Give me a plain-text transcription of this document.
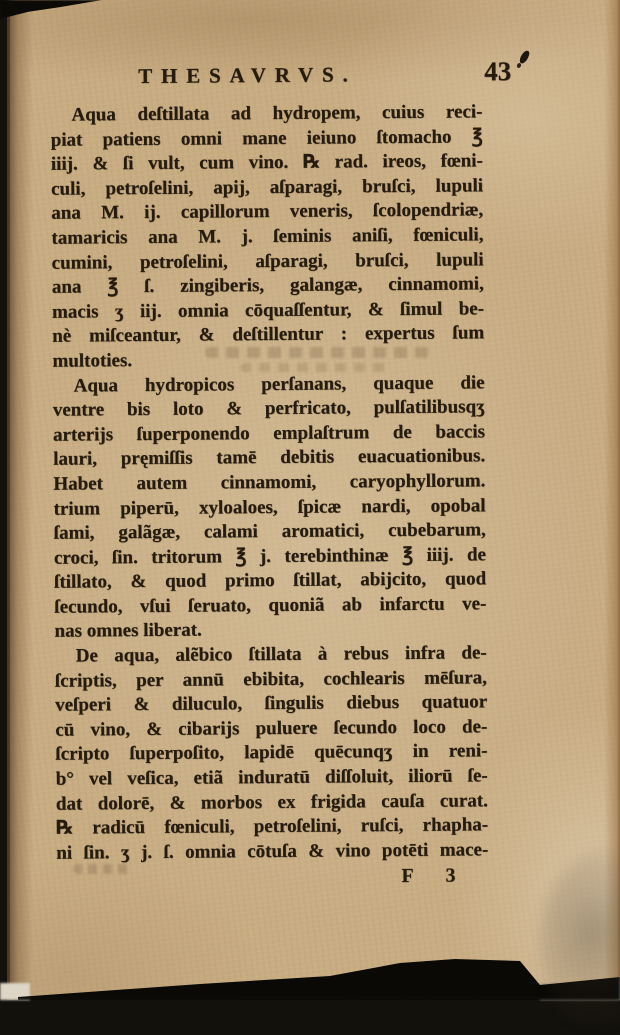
THESAVRVS.	43

Aqua deſtillata ad hydropem, cuius reci-
piat patiens omni mane ieiuno ſtomacho ℥
iiij. & ſi vult, cum vino. ℞ rad. ireos, fœni-
culi, petroſelini, apij, aſparagi, bruſci, lupuli
ana M. ij. capillorum veneris, ſcolopendriæ,
tamaricis ana M. j. ſeminis aniſi, fœniculi,
cumini, petroſelini, aſparagi, bruſci, lupuli
ana ℥ ſ. zingiberis, galangæ, cinnamomi,
macis ʒ iij. omnia cōquaſſentur, & ſimul be-
nè miſceantur, & deſtillentur : expertus ſum
multoties.

Aqua hydropicos perſanans, quaque die
ventre bis loto & perfricato, pulſatilibusqʒ
arterijs ſuperponendo emplaſtrum de baccis
lauri, pręmiſſis tamē debitis euacuationibus.
Habet autem cinnamomi, caryophyllorum.
trium piperū, xyloaloes, ſpicæ nardi, opobal
ſami, galãgæ, calami aromatici, cubebarum,
croci, ſin. tritorum ℥ j. terebinthinæ ℥ iiij. de
ſtillato, & quod primo ſtillat, abijcito, quod
ſecundo, vſui ſeruato, quoniã ab infarctu ve-
nas omnes liberat.

De aqua, alẽbico ſtillata à rebus infra de-
ſcriptis, per annū ebibita, cochlearis mēſura,
veſperi & diluculo, ſingulis diebus quatuor
cū vino, & cibarijs puluere ſecundo loco de-
ſcripto ſuperpoſito, lapidē quēcunqʒ in reni-
b° vel veſica, etiã induratū diſſoluit, iliorū ſe-
dat dolorē, & morbos ex frigida cauſa curat.
℞ radicū fœniculi, petroſelini, ruſci, rhapha-
ni ſin. ʒ j. ſ. omnia cōtuſa & vino potēti mace-

F 3
